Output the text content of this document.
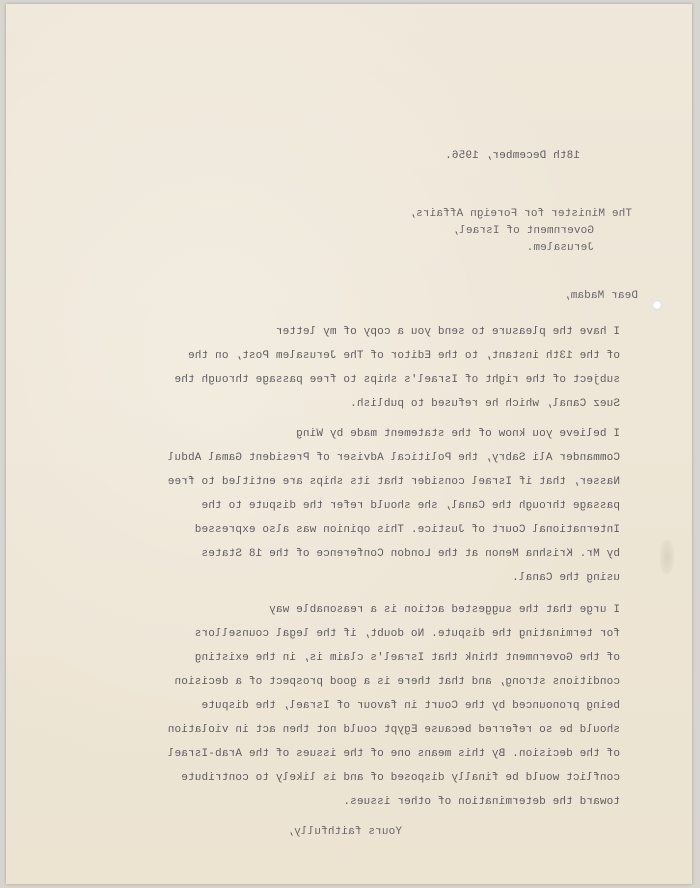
18th December, 1956.

The Minister for Foreign Affairs,

Government of Israel,

Jerusalem.

Dear Madam,

I have the pleasure to send you a copy of my letter

of the 13th instant, to the Editor of The Jerusalem Post, on the

subject of the right of Israel's ships to free passage through the

Suez Canal, which he refused to publish.

I believe you know of the statement made by Wing

Commander Ali Sabry, the Political Adviser of President Gamal Abdul

Nasser, that if Israel consider that its ships are entitled to free

passage through the Canal, she should refer the dispute to the

International Court of Justice. This opinion was also expressed

by Mr. Krishna Menon at the London Conference of the 18 States

using the Canal.

I urge that the suggested action is a reasonable way

for terminating the dispute. No doubt, if the legal counsellors

of the Government think that Israel's claim is, in the existing

conditions strong, and that there is a good prospect of a decision

being pronounced by the Court in favour of Israel, the dispute

should be so referred because Egypt could not then act in violation

of the decision. By this means one of the issues of the Arab-Israel

conflict would be finally disposed of and is likely to contribute

toward the determination of other issues.

Yours faithfully,
